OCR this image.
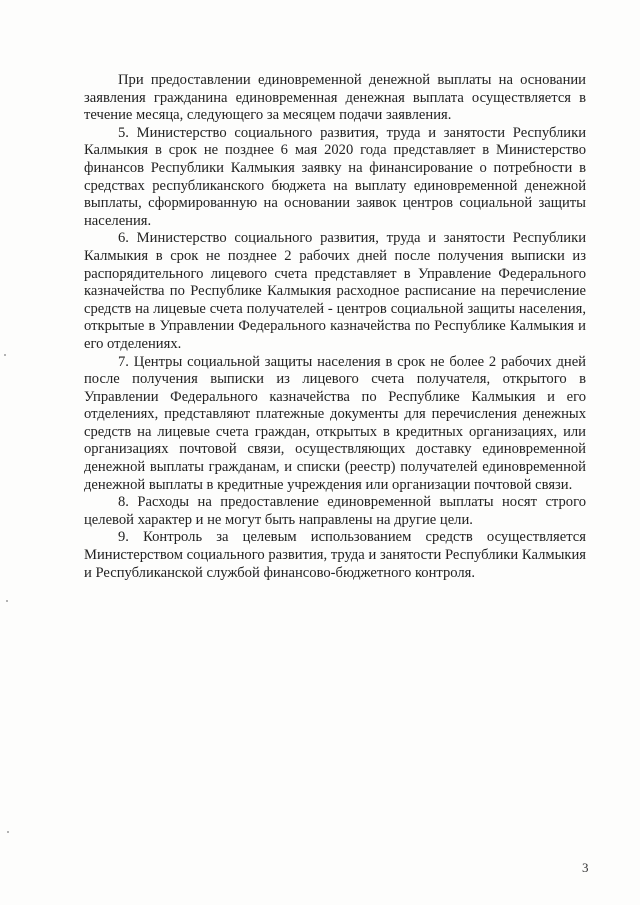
При предоставлении единовременной денежной выплаты на основании заявления гражданина единовременная денежная выплата осуществляется в течение месяца, следующего за месяцем подачи заявления.

5. Министерство социального развития, труда и занятости Республики Калмыкия в срок не позднее 6 мая 2020 года представляет в Министерство финансов Республики Калмыкия заявку на финансирование о потребности в средствах республиканского бюджета на выплату единовременной денежной выплаты, сформированную на основании заявок центров социальной защиты населения.

6. Министерство социального развития, труда и занятости Республики Калмыкия в срок не позднее 2 рабочих дней после получения выписки из распорядительного лицевого счета представляет в Управление Федерального казначейства по Республике Калмыкия расходное расписание на перечисление средств на лицевые счета получателей - центров социальной защиты населения, открытые в Управлении Федерального казначейства по Республике Калмыкия и его отделениях.

7. Центры социальной защиты населения в срок не более 2 рабочих дней после получения выписки из лицевого счета получателя, открытого в Управлении Федерального казначейства по Республике Калмыкия и его отделениях, представляют платежные документы для перечисления денежных средств на лицевые счета граждан, открытых в кредитных организациях, или организациях почтовой связи, осуществляющих доставку единовременной денежной выплаты гражданам, и списки (реестр) получателей единовременной денежной выплаты в кредитные учреждения или организации почтовой связи.

8. Расходы на предоставление единовременной выплаты носят строго целевой характер и не могут быть направлены на другие цели.

9. Контроль за целевым использованием средств осуществляется Министерством социального развития, труда и занятости Республики Калмыкия и Республиканской службой финансово-бюджетного контроля.

3
